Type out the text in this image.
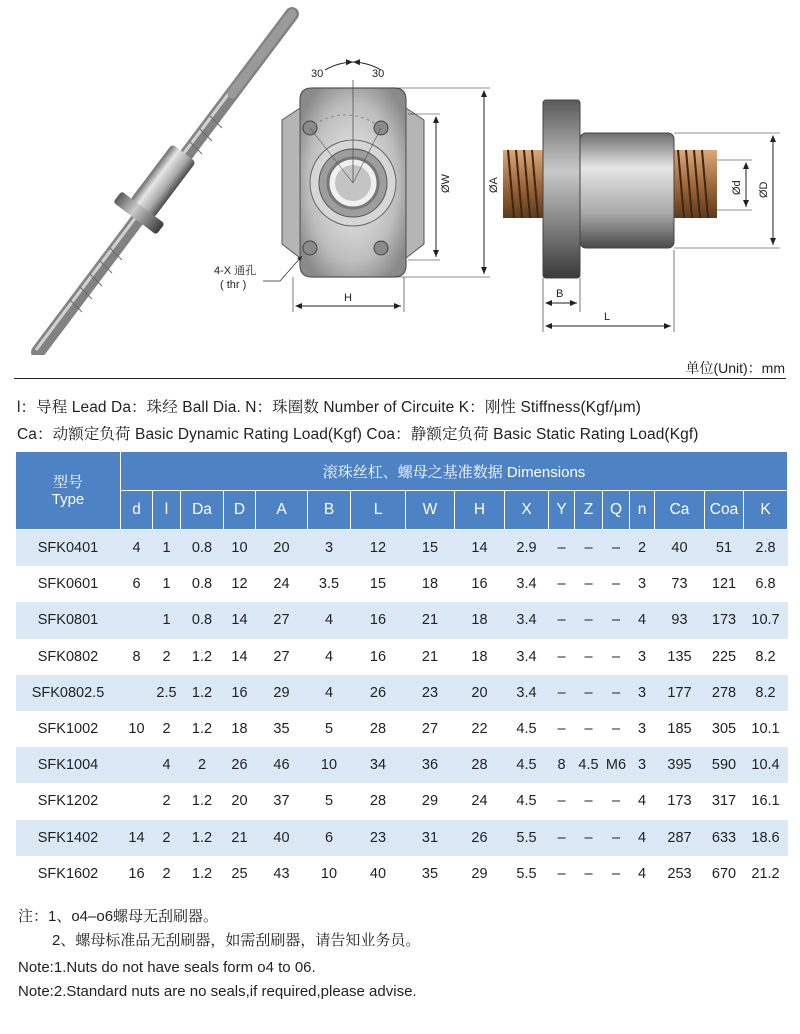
30	30
4-X 通孔
( thr )
H
ØW	ØA
B
L
Ød ØD
单位(Unit)：mm
l：导程 Lead Da：珠经 Ball Dia. N：珠圈数 Number of Circuite K：刚性 Stiffness(Kgf/μm)
Ca：动额定负荷 Basic Dynamic Rating Load(Kgf) Coa：静额定负荷 Basic Static Rating Load(Kgf)
型号
Type	滚珠丝杠、螺母之基准数据 Dimensions																
	d	l	Da	D	A	B	L	W	H	X	Y	Z	Q	n	Ca	Coa	K
SFK0401	4	1	0.8	10	20	3	12	15	14	2.9	–	–	–	2	40	51	2.8
SFK0601	6	1	0.8	12	24	3.5	15	18	16	3.4	–	–	–	3	73	121	6.8
SFK0801		1	0.8	14	27	4	16	21	18	3.4	–	–	–	4	93	173	10.7
SFK0802	8	2	1.2	14	27	4	16	21	18	3.4	–	–	–	3	135	225	8.2
SFK0802.5		2.5	1.2	16	29	4	26	23	20	3.4	–	–	–	3	177	278	8.2
SFK1002	10	2	1.2	18	35	5	28	27	22	4.5	–	–	–	3	185	305	10.1
SFK1004		4	2	26	46	10	34	36	28	4.5	8	4.5	M6	3	395	590	10.4
SFK1202		2	1.2	20	37	5	28	29	24	4.5	–	–	–	4	173	317	16.1
SFK1402	14	2	1.2	21	40	6	23	31	26	5.5	–	–	–	4	287	633	18.6
SFK1602	16	2	1.2	25	43	10	40	35	29	5.5	–	–	–	4	253	670	21.2
注：1、o4–o6螺母无刮刷器。
2、螺母标准品无刮刷器，如需刮刷器，请告知业务员。
Note:1.Nuts do not have seals form o4 to 06.
Note:2.Standard nuts are no seals,if required,please advise.
